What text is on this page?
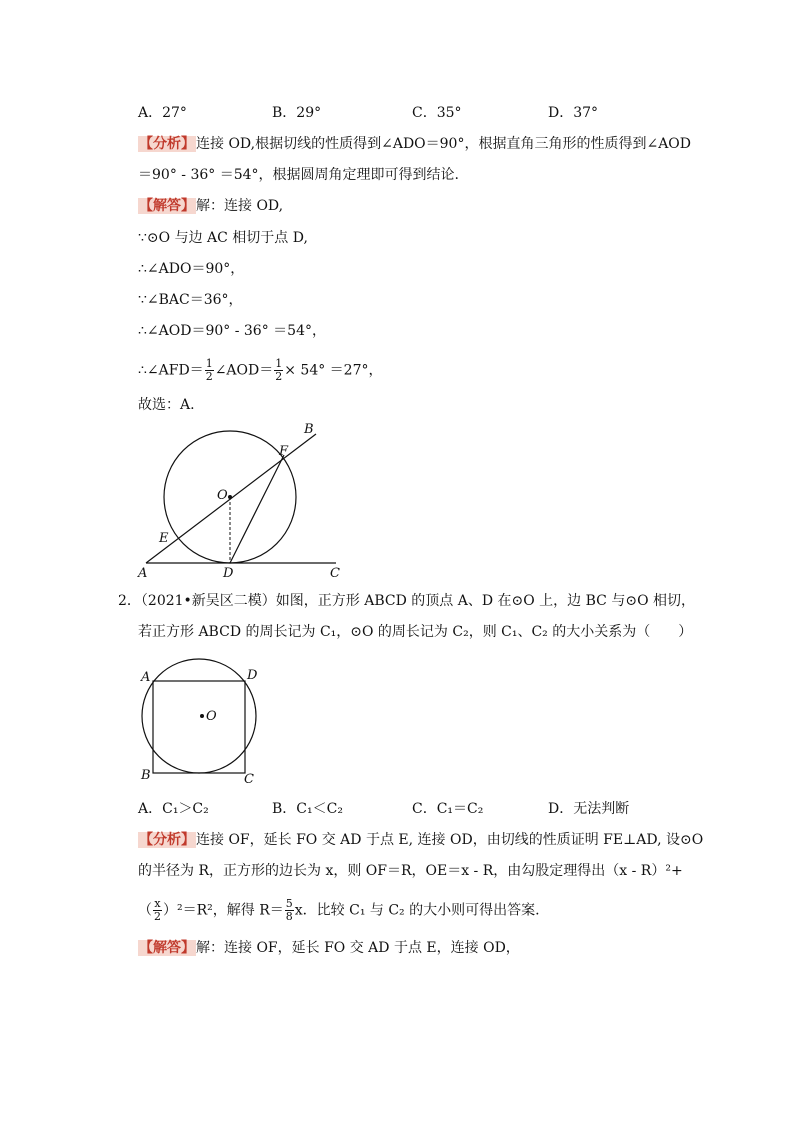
A．27°	B．29°	C．35°	D．37°
【分析】连接 OD,根据切线的性质得到∠ADO＝90°，根据直角三角形的性质得到∠AOD
＝90° - 36° ＝54°，根据圆周角定理即可得到结论.
【解答】解：连接 OD,
∵⊙O 与边 AC 相切于点 D,
∴∠ADO＝90°，
∵∠BAC＝36°，
∴∠AOD＝90° - 36° ＝54°，
∴∠AFD＝ $\frac{1}{2}$ ∠AOD＝ $\frac{1}{2} \times 54^\circ =27^\circ$，
故选：A.
A
B
C
D
E
F
O
2．（2021•新吴区二模）如图，正方形 ABCD 的顶点 A、D 在⊙O 上，边 BC 与⊙O 相切，
若正方形 ABCD 的周长记为 C₁，⊙O 的周长记为 C₂，则 C₁、C₂ 的大小关系为（　　）
A
B	C
D
O
A．C₁＞C₂	B．C₁＜C₂	C．C₁＝C₂	D．无法判断
【分析】连接 OF，延长 FO 交 AD 于点 E, 连接 OD，由切线的性质证明 FE⊥AD, 设⊙O
的半径为 R，正方形的边长为 x，则 OF＝R，OE＝x - R，由勾股定理得出（x - R）²+
（ $\frac{x}{2} )^2=R^2$，解得 $R= \frac{5}{8}$ x．比较 C₁ 与 C₂ 的大小则可得出答案.
【解答】解：连接 OF，延长 FO 交 AD 于点 E，连接 OD，
